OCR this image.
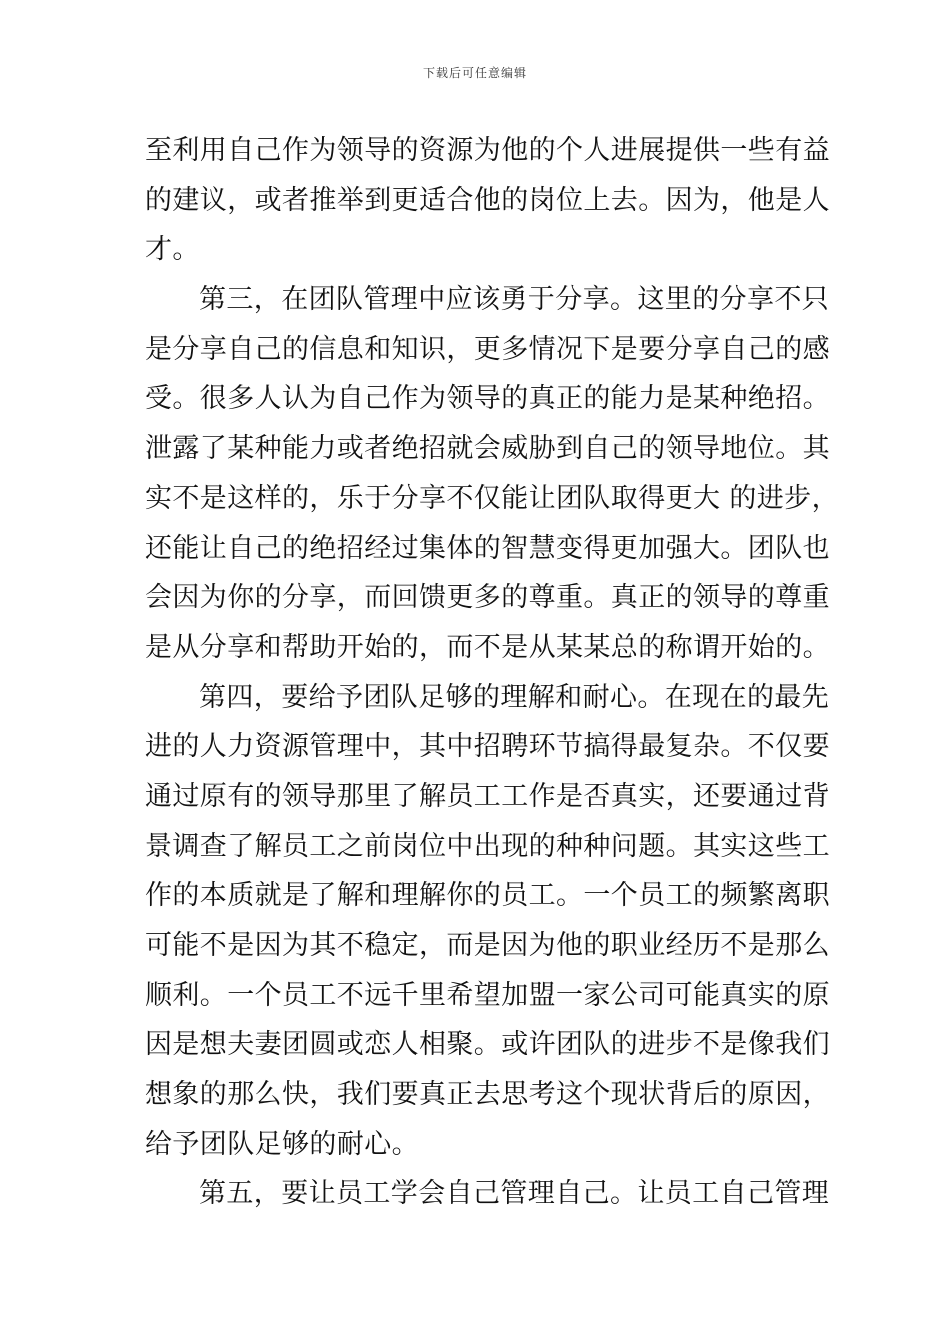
下载后可任意编辑
至利用自己作为领导的资源为他的个人进展提供一些有益
的建议，或者推举到更适合他的岗位上去。因为，他是人
才。
第三，在团队管理中应该勇于分享。这里的分享不只
是分享自己的信息和知识，更多情况下是要分享自己的感
受。很多人认为自己作为领导的真正的能力是某种绝招。
泄露了某种能力或者绝招就会威胁到自己的领导地位。其
实不是这样的，乐于分享不仅能让团队取得更大 的进步，
还能让自己的绝招经过集体的智慧变得更加强大。团队也
会因为你的分享，而回馈更多的尊重。真正的领导的尊重
是从分享和帮助开始的，而不是从某某总的称谓开始的。
第四，要给予团队足够的理解和耐心。在现在的最先
进的人力资源管理中，其中招聘环节搞得最复杂。不仅要
通过原有的领导那里了解员工工作是否真实，还要通过背
景调查了解员工之前岗位中出现的种种问题。其实这些工
作的本质就是了解和理解你的员工。一个员工的频繁离职
可能不是因为其不稳定，而是因为他的职业经历不是那么
顺利。一个员工不远千里希望加盟一家公司可能真实的原
因是想夫妻团圆或恋人相聚。或许团队的进步不是像我们
想象的那么快，我们要真正去思考这个现状背后的原因，
给予团队足够的耐心。
第五，要让员工学会自己管理自己。让员工自己管理
